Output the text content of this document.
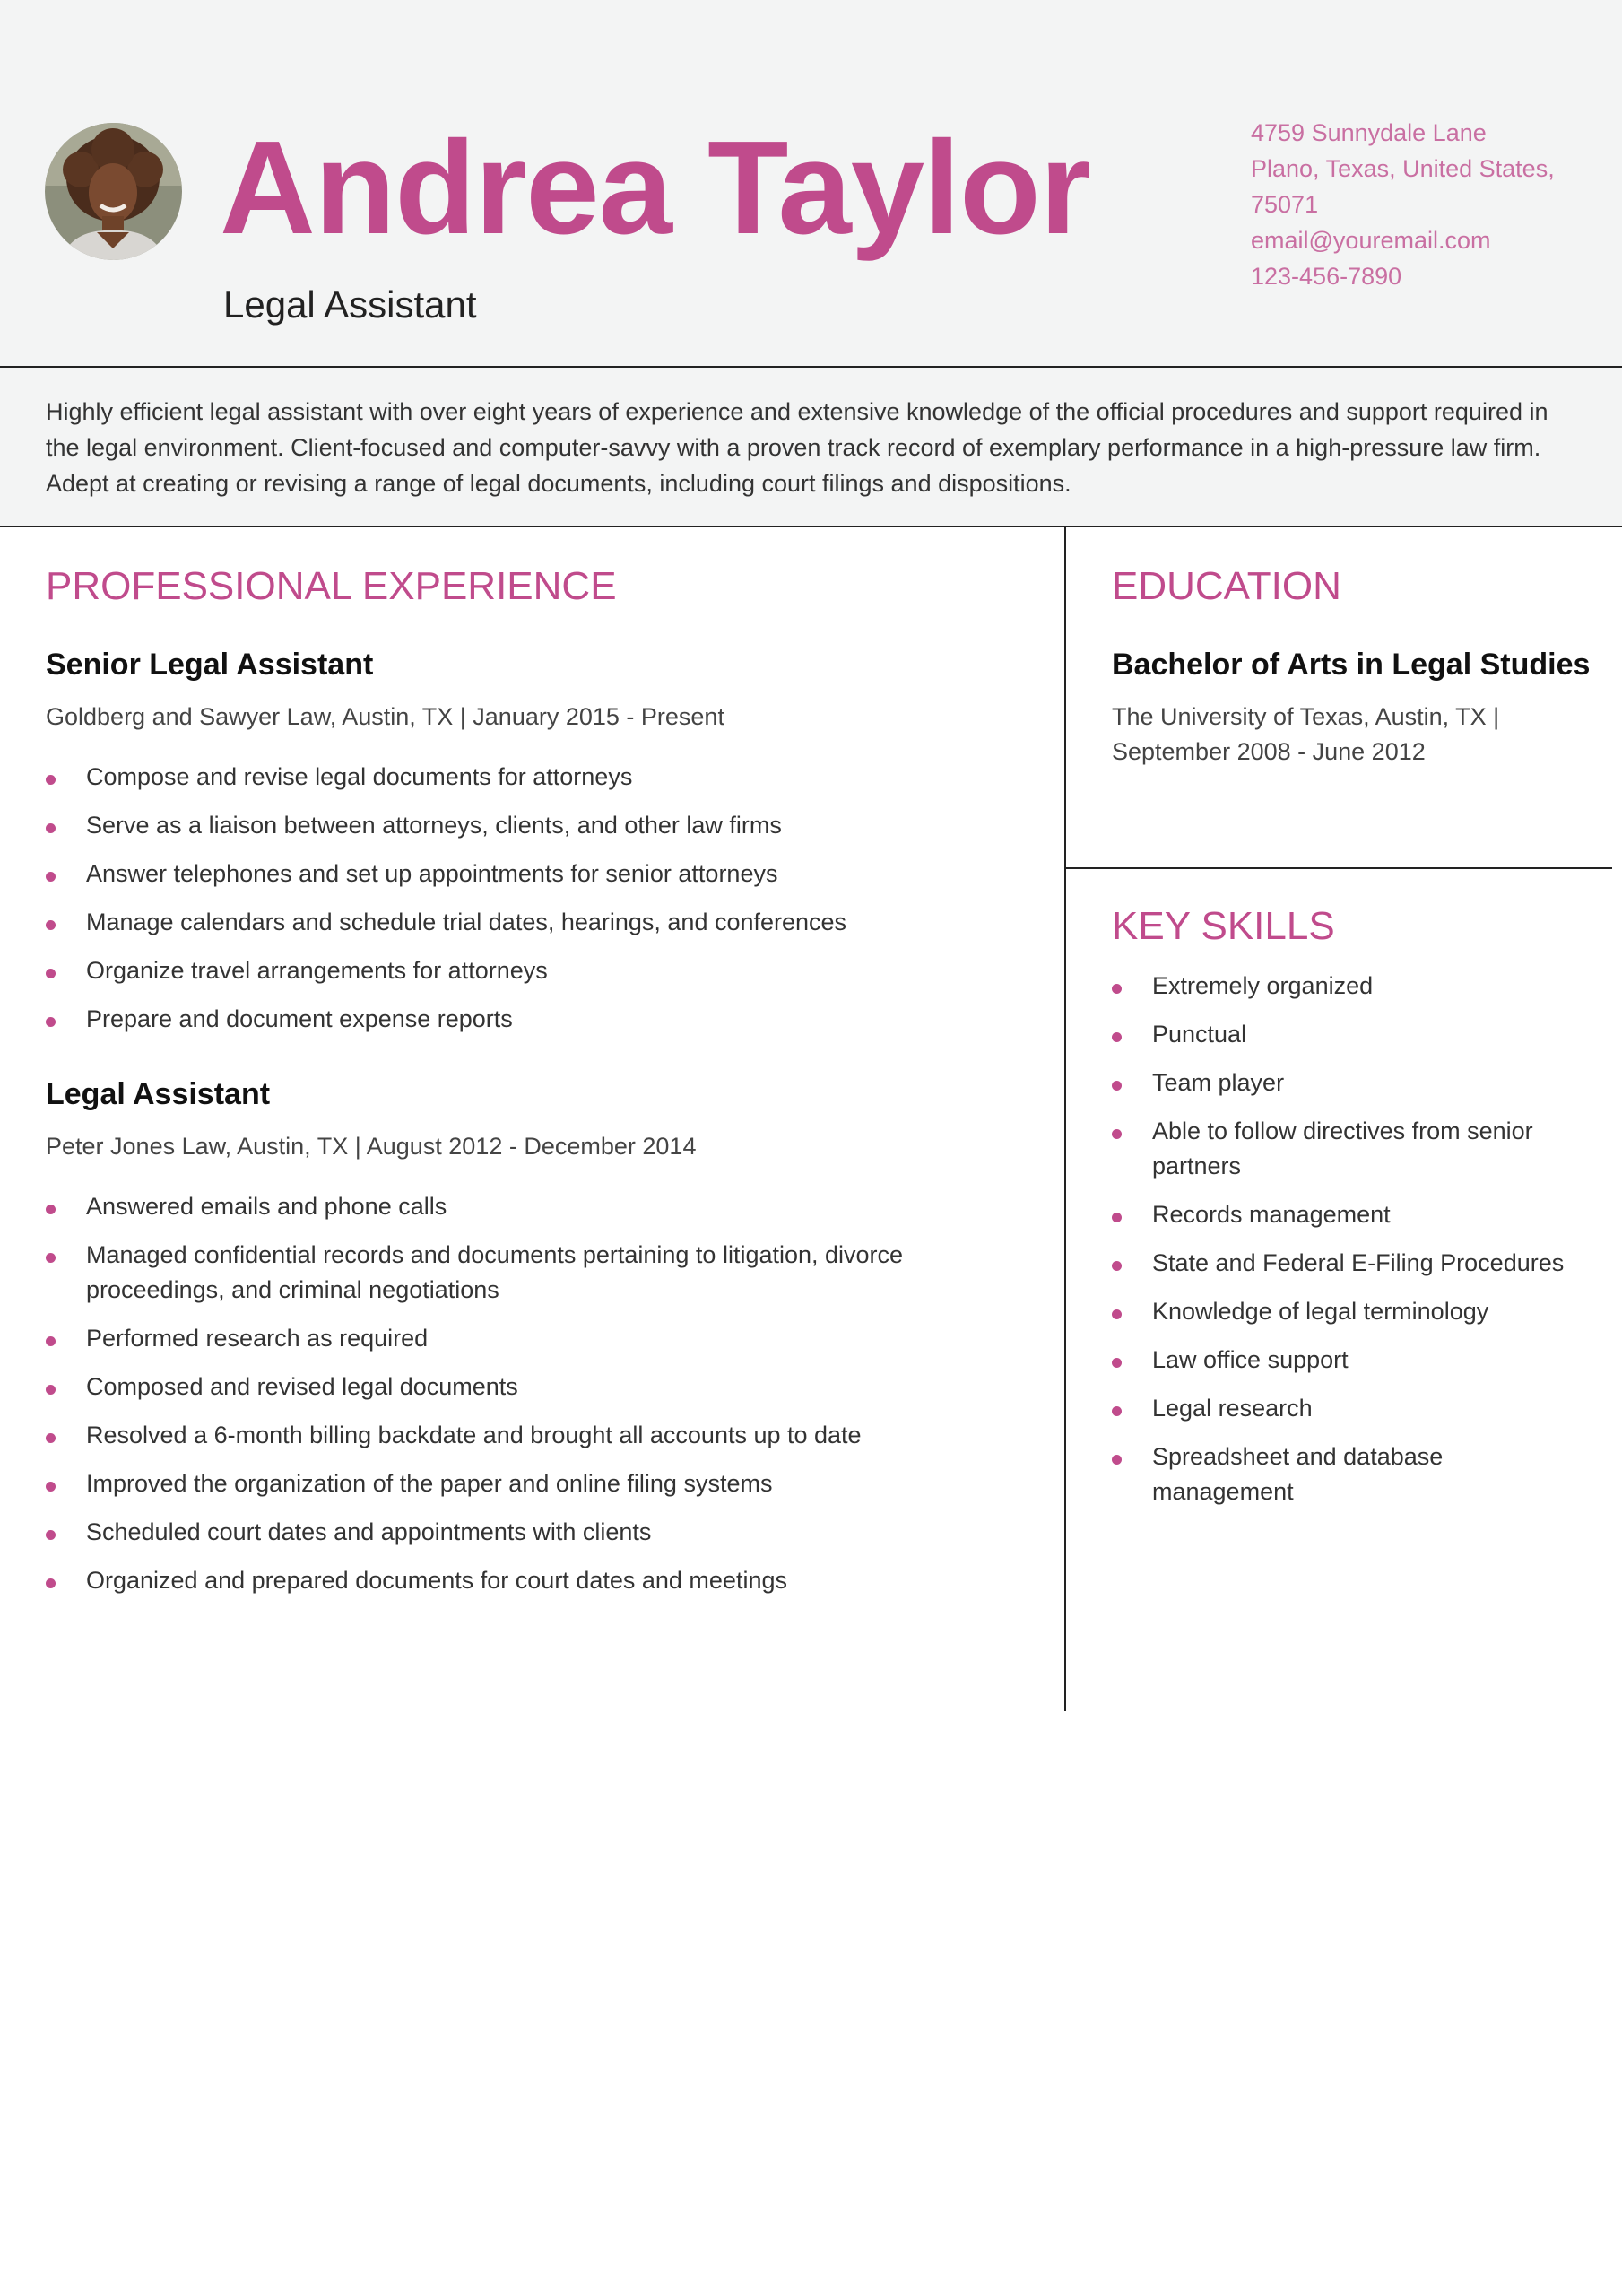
Andrea Taylor
Legal Assistant
4759 Sunnydale Lane
Plano, Texas, United States,
75071
email@youremail.com
123-456-7890

Highly efficient legal assistant with over eight years of experience and extensive knowledge of the official procedures and support required in the legal environment. Client-focused and computer-savvy with a proven track record of exemplary performance in a high-pressure law firm. Adept at creating or revising a range of legal documents, including court filings and dispositions.

PROFESSIONAL EXPERIENCE
Senior Legal Assistant
Goldberg and Sawyer Law, Austin, TX | January 2015 - Present
Compose and revise legal documents for attorneys
Serve as a liaison between attorneys, clients, and other law firms
Answer telephones and set up appointments for senior attorneys
Manage calendars and schedule trial dates, hearings, and conferences
Organize travel arrangements for attorneys
Prepare and document expense reports
Legal Assistant
Peter Jones Law, Austin, TX | August 2012 - December 2014
Answered emails and phone calls
Managed confidential records and documents pertaining to litigation, divorce proceedings, and criminal negotiations
Performed research as required
Composed and revised legal documents
Resolved a 6-month billing backdate and brought all accounts up to date
Improved the organization of the paper and online filing systems
Scheduled court dates and appointments with clients
Organized and prepared documents for court dates and meetings
EDUCATION
Bachelor of Arts in Legal Studies
The University of Texas, Austin, TX |
September 2008 - June 2012
KEY SKILLS
Extremely organized
Punctual
Team player
Able to follow directives from senior partners
Records management
State and Federal E-Filing Procedures
Knowledge of legal terminology
Law office support
Legal research
Spreadsheet and database management
